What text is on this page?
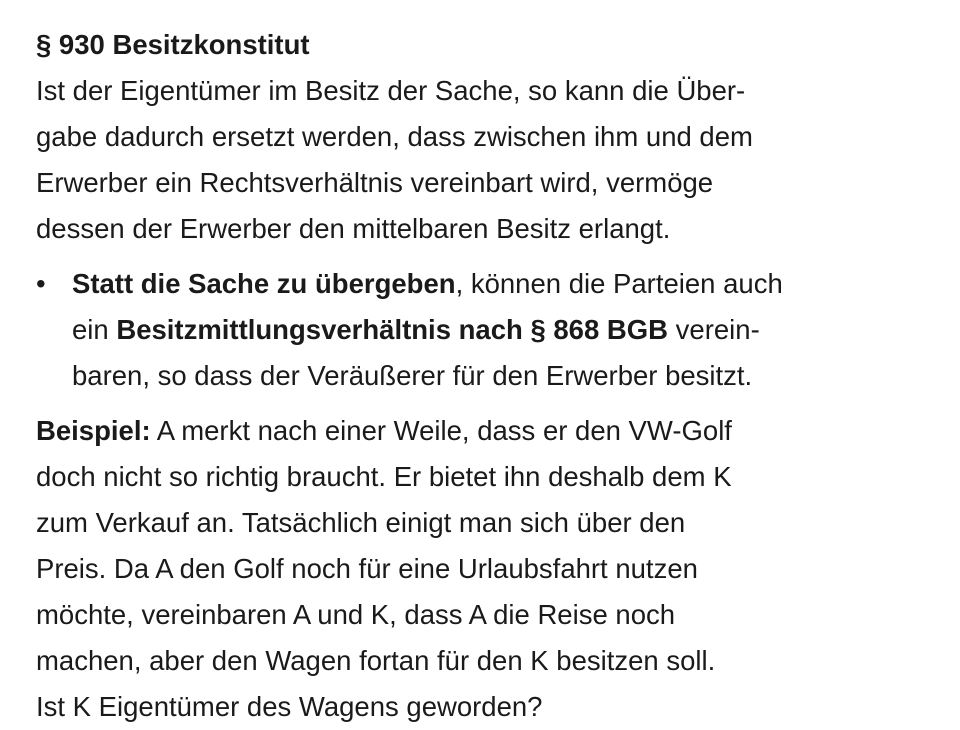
§ 930 Besitzkonstitut
Ist der Eigentümer im Besitz der Sache, so kann die Über-
gabe dadurch ersetzt werden, dass zwischen ihm und dem
Erwerber ein Rechtsverhältnis vereinbart wird, vermöge
dessen der Erwerber den mittelbaren Besitz erlangt.
• Statt die Sache zu übergeben, können die Parteien auch
ein Besitzmittlungsverhältnis nach § 868 BGB verein-
baren, so dass der Veräußerer für den Erwerber besitzt.
Beispiel: A merkt nach einer Weile, dass er den VW-Golf
doch nicht so richtig braucht. Er bietet ihn deshalb dem K
zum Verkauf an. Tatsächlich einigt man sich über den
Preis. Da A den Golf noch für eine Urlaubsfahrt nutzen
möchte, vereinbaren A und K, dass A die Reise noch
machen, aber den Wagen fortan für den K besitzen soll.
Ist K Eigentümer des Wagens geworden?
